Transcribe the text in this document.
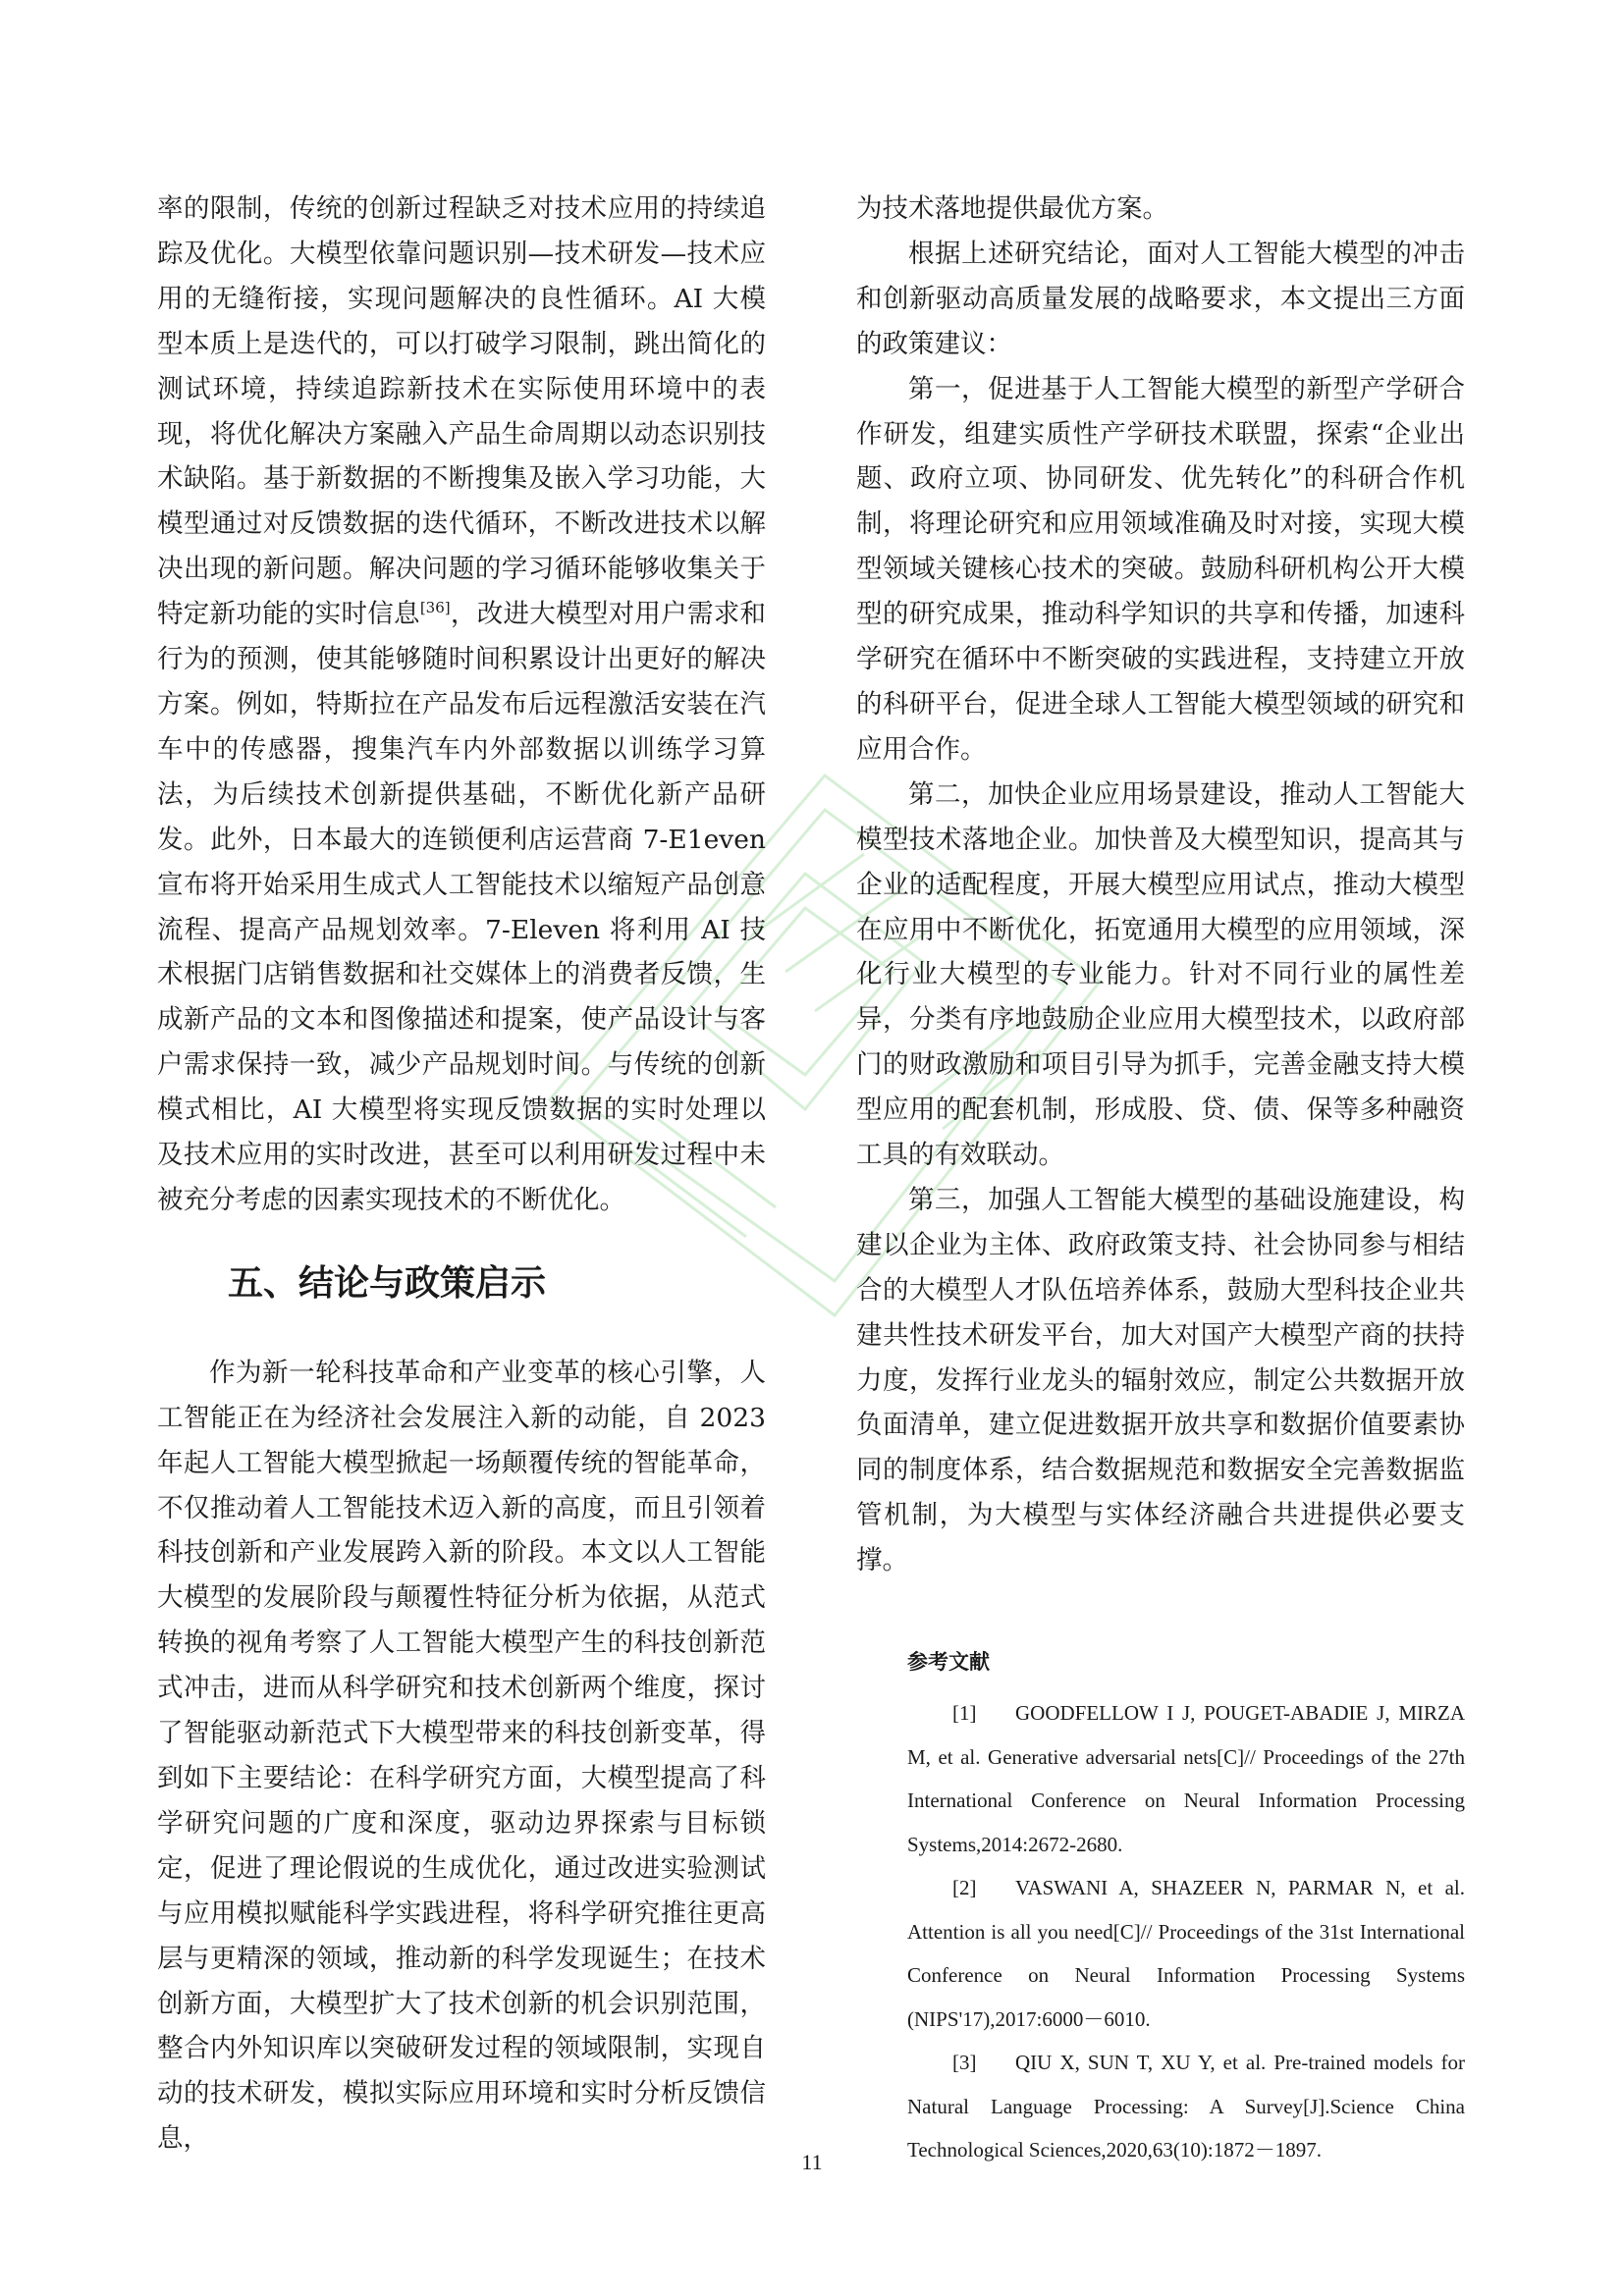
率的限制，传统的创新过程缺乏对技术应用的持续追踪及优化。大模型依靠问题识别—技术研发—技术应用的无缝衔接，实现问题解决的良性循环。AI 大模型本质上是迭代的，可以打破学习限制，跳出简化的测试环境，持续追踪新技术在实际使用环境中的表现，将优化解决方案融入产品生命周期以动态识别技术缺陷。基于新数据的不断搜集及嵌入学习功能，大模型通过对反馈数据的迭代循环，不断改进技术以解决出现的新问题。解决问题的学习循环能够收集关于特定新功能的实时信息[36]，改进大模型对用户需求和行为的预测，使其能够随时间积累设计出更好的解决方案。例如，特斯拉在产品发布后远程激活安装在汽车中的传感器，搜集汽车内外部数据以训练学习算法，为后续技术创新提供基础，不断优化新产品研发。此外，日本最大的连锁便利店运营商 7-E1even 宣布将开始采用生成式人工智能技术以缩短产品创意流程、提高产品规划效率。7-Eleven 将利用 AI 技术根据门店销售数据和社交媒体上的消费者反馈，生成新产品的文本和图像描述和提案，使产品设计与客户需求保持一致，减少产品规划时间。与传统的创新模式相比，AI 大模型将实现反馈数据的实时处理以及技术应用的实时改进，甚至可以利用研发过程中未被充分考虑的因素实现技术的不断优化。

五、结论与政策启示

作为新一轮科技革命和产业变革的核心引擎，人工智能正在为经济社会发展注入新的动能，自 2023 年起人工智能大模型掀起一场颠覆传统的智能革命，不仅推动着人工智能技术迈入新的高度，而且引领着科技创新和产业发展跨入新的阶段。本文以人工智能大模型的发展阶段与颠覆性特征分析为依据，从范式转换的视角考察了人工智能大模型产生的科技创新范式冲击，进而从科学研究和技术创新两个维度，探讨了智能驱动新范式下大模型带来的科技创新变革，得到如下主要结论：在科学研究方面，大模型提高了科学研究问题的广度和深度，驱动边界探索与目标锁定，促进了理论假说的生成优化，通过改进实验测试与应用模拟赋能科学实践进程，将科学研究推往更高层与更精深的领域，推动新的科学发现诞生；在技术创新方面，大模型扩大了技术创新的机会识别范围，整合内外知识库以突破研发过程的领域限制，实现自动的技术研发，模拟实际应用环境和实时分析反馈信息，

为技术落地提供最优方案。

根据上述研究结论，面对人工智能大模型的冲击和创新驱动高质量发展的战略要求，本文提出三方面的政策建议：

第一，促进基于人工智能大模型的新型产学研合作研发，组建实质性产学研技术联盟，探索“企业出题、政府立项、协同研发、优先转化”的科研合作机制，将理论研究和应用领域准确及时对接，实现大模型领域关键核心技术的突破。鼓励科研机构公开大模型的研究成果，推动科学知识的共享和传播，加速科学研究在循环中不断突破的实践进程，支持建立开放的科研平台，促进全球人工智能大模型领域的研究和应用合作。

第二，加快企业应用场景建设，推动人工智能大模型技术落地企业。加快普及大模型知识，提高其与企业的适配程度，开展大模型应用试点，推动大模型在应用中不断优化，拓宽通用大模型的应用领域，深化行业大模型的专业能力。针对不同行业的属性差异，分类有序地鼓励企业应用大模型技术，以政府部门的财政激励和项目引导为抓手，完善金融支持大模型应用的配套机制，形成股、贷、债、保等多种融资工具的有效联动。

第三，加强人工智能大模型的基础设施建设，构建以企业为主体、政府政策支持、社会协同参与相结合的大模型人才队伍培养体系，鼓励大型科技企业共建共性技术研发平台，加大对国产大模型产商的扶持力度，发挥行业龙头的辐射效应，制定公共数据开放负面清单，建立促进数据开放共享和数据价值要素协同的制度体系，结合数据规范和数据安全完善数据监管机制，为大模型与实体经济融合共进提供必要支撑。

参考文献

[1] GOODFELLOW I J, POUGET-ABADIE J, MIRZA M, et al. Generative adversarial nets[C]// Proceedings of the 27th International Conference on Neural Information Processing Systems,2014:2672-2680.

[2] VASWANI A, SHAZEER N, PARMAR N, et al. Attention is all you need[C]// Proceedings of the 31st International Conference on Neural Information Processing Systems (NIPS'17),2017:6000－6010.

[3] QIU X, SUN T, XU Y, et al. Pre-trained models for Natural Language Processing: A Survey[J].Science China Technological Sciences,2020,63(10):1872－1897.

11
